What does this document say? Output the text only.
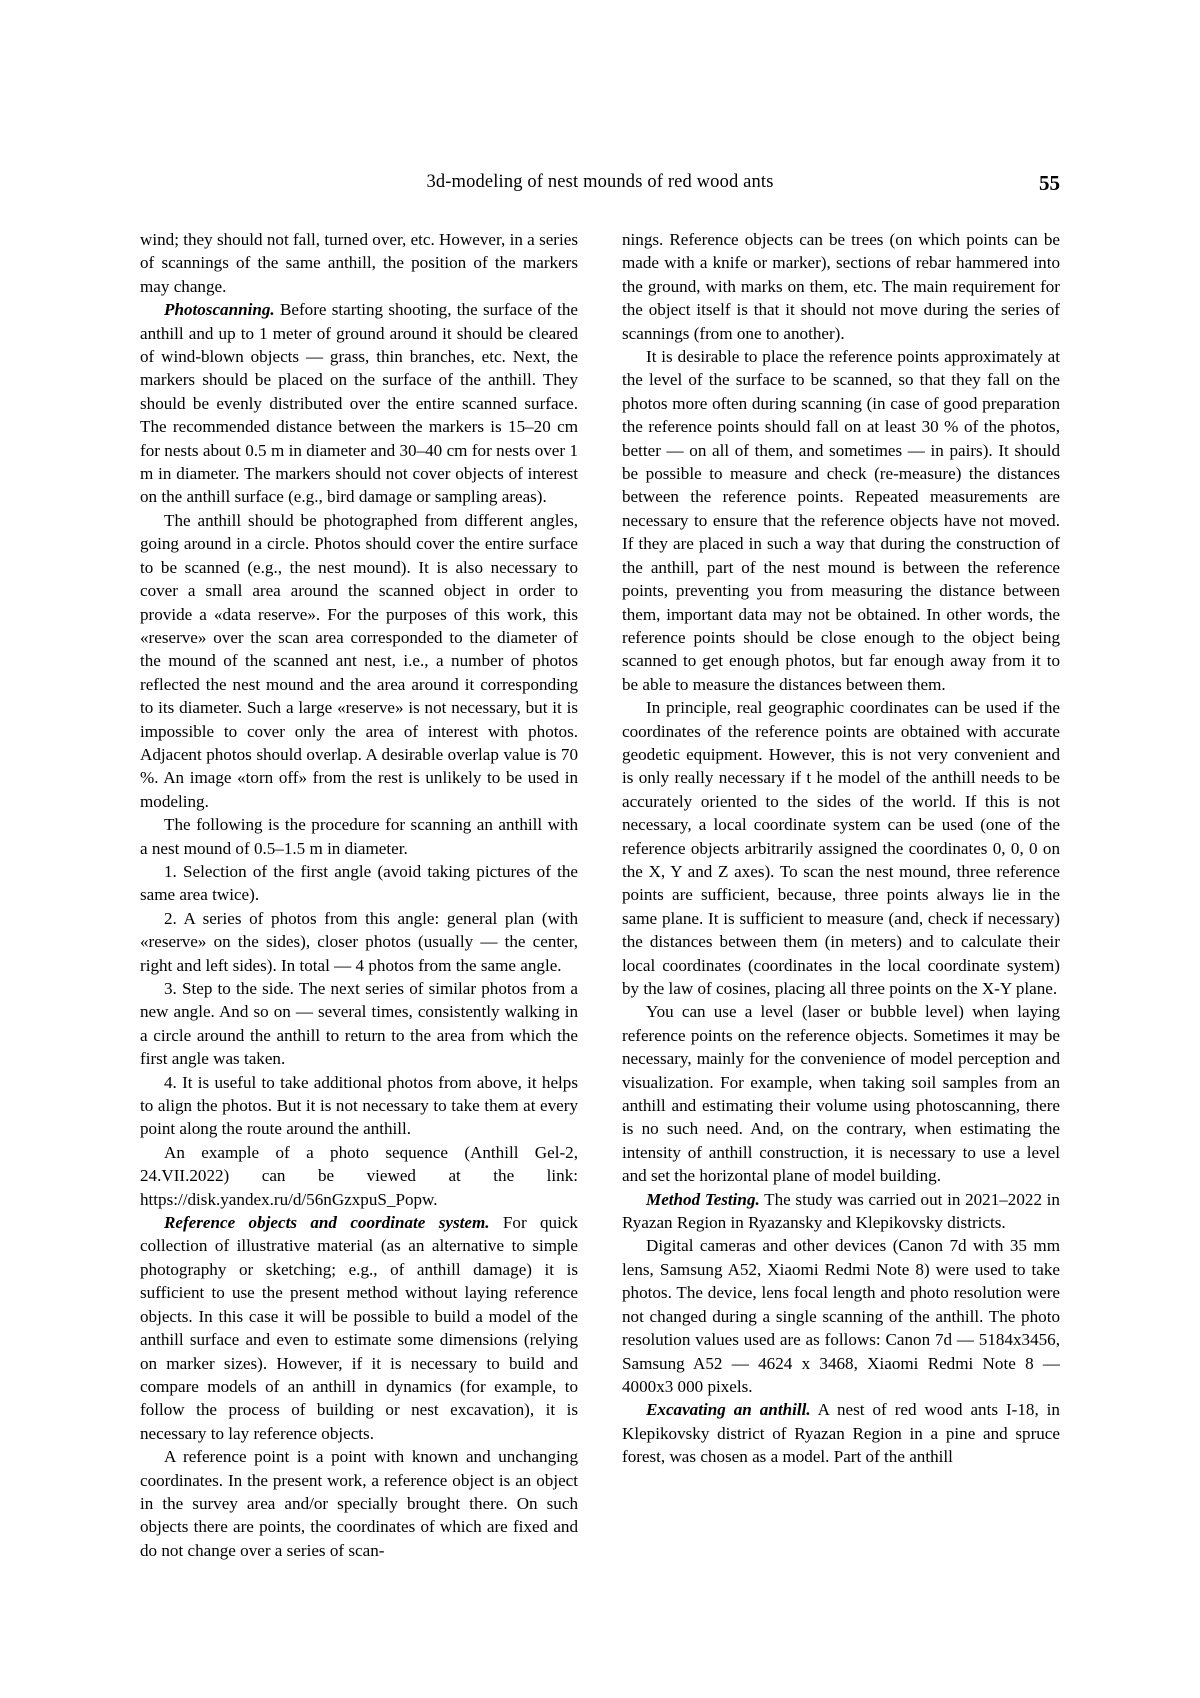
3d-modeling of nest mounds of red wood ants	55

wind; they should not fall, turned over, etc. However, in a series of scannings of the same anthill, the position of the markers may change.

Photoscanning. Before starting shooting, the surface of the anthill and up to 1 meter of ground around it should be cleared of wind-blown objects — grass, thin branches, etc. Next, the markers should be placed on the surface of the anthill. They should be evenly distributed over the entire scanned surface. The recommended distance between the markers is 15–20 cm for nests about 0.5 m in diameter and 30–40 cm for nests over 1 m in diameter. The markers should not cover objects of interest on the anthill surface (e.g., bird damage or sampling areas).

The anthill should be photographed from different angles, going around in a circle. Photos should cover the entire surface to be scanned (e.g., the nest mound). It is also necessary to cover a small area around the scanned object in order to provide a «data reserve». For the purposes of this work, this «reserve» over the scan area corresponded to the diameter of the mound of the scanned ant nest, i.e., a number of photos reflected the nest mound and the area around it corresponding to its diameter. Such a large «reserve» is not necessary, but it is impossible to cover only the area of interest with photos. Adjacent photos should overlap. A desirable overlap value is 70 %. An image «torn off» from the rest is unlikely to be used in modeling.

The following is the procedure for scanning an anthill with a nest mound of 0.5–1.5 m in diameter.

1. Selection of the first angle (avoid taking pictures of the same area twice).

2. A series of photos from this angle: general plan (with «reserve» on the sides), closer photos (usually — the center, right and left sides). In total — 4 photos from the same angle.

3. Step to the side. The next series of similar photos from a new angle. And so on — several times, consistently walking in a circle around the anthill to return to the area from which the first angle was taken.

4. It is useful to take additional photos from above, it helps to align the photos. But it is not necessary to take them at every point along the route around the anthill.

An example of a photo sequence (Anthill Gel-2, 24.VII.2022) can be viewed at the link: https://disk.yandex.ru/d/56nGzxpuS_Popw.

Reference objects and coordinate system. For quick collection of illustrative material (as an alternative to simple photography or sketching; e.g., of anthill damage) it is sufficient to use the present method without laying reference objects. In this case it will be possible to build a model of the anthill surface and even to estimate some dimensions (relying on marker sizes). However, if it is necessary to build and compare models of an anthill in dynamics (for example, to follow the process of building or nest excavation), it is necessary to lay reference objects.

A reference point is a point with known and unchanging coordinates. In the present work, a reference object is an object in the survey area and/or specially brought there. On such objects there are points, the coordinates of which are fixed and do not change over a series of scan-

nings. Reference objects can be trees (on which points can be made with a knife or marker), sections of rebar hammered into the ground, with marks on them, etc. The main requirement for the object itself is that it should not move during the series of scannings (from one to another).

It is desirable to place the reference points approximately at the level of the surface to be scanned, so that they fall on the photos more often during scanning (in case of good preparation the reference points should fall on at least 30 % of the photos, better — on all of them, and sometimes — in pairs). It should be possible to measure and check (re-measure) the distances between the reference points. Repeated measurements are necessary to ensure that the reference objects have not moved. If they are placed in such a way that during the construction of the anthill, part of the nest mound is between the reference points, preventing you from measuring the distance between them, important data may not be obtained. In other words, the reference points should be close enough to the object being scanned to get enough photos, but far enough away from it to be able to measure the distances between them.

In principle, real geographic coordinates can be used if the coordinates of the reference points are obtained with accurate geodetic equipment. However, this is not very convenient and is only really necessary if t he model of the anthill needs to be accurately oriented to the sides of the world. If this is not necessary, a local coordinate system can be used (one of the reference objects arbitrarily assigned the coordinates 0, 0, 0 on the X, Y and Z axes). To scan the nest mound, three reference points are sufficient, because, three points always lie in the same plane. It is sufficient to measure (and, check if necessary) the distances between them (in meters) and to calculate their local coordinates (coordinates in the local coordinate system) by the law of cosines, placing all three points on the X-Y plane.

You can use a level (laser or bubble level) when laying reference points on the reference objects. Sometimes it may be necessary, mainly for the convenience of model perception and visualization. For example, when taking soil samples from an anthill and estimating their volume using photoscanning, there is no such need. And, on the contrary, when estimating the intensity of anthill construction, it is necessary to use a level and set the horizontal plane of model building.

Method Testing. The study was carried out in 2021–2022 in Ryazan Region in Ryazansky and Klepikovsky districts.

Digital cameras and other devices (Canon 7d with 35 mm lens, Samsung A52, Xiaomi Redmi Note 8) were used to take photos. The device, lens focal length and photo resolution were not changed during a single scanning of the anthill. The photo resolution values used are as follows: Canon 7d — 5184x3456, Samsung A52 — 4624 x 3468, Xiaomi Redmi Note 8 — 4000x3 000 pixels.

Excavating an anthill. A nest of red wood ants I-18, in Klepikovsky district of Ryazan Region in a pine and spruce forest, was chosen as a model. Part of the anthill
